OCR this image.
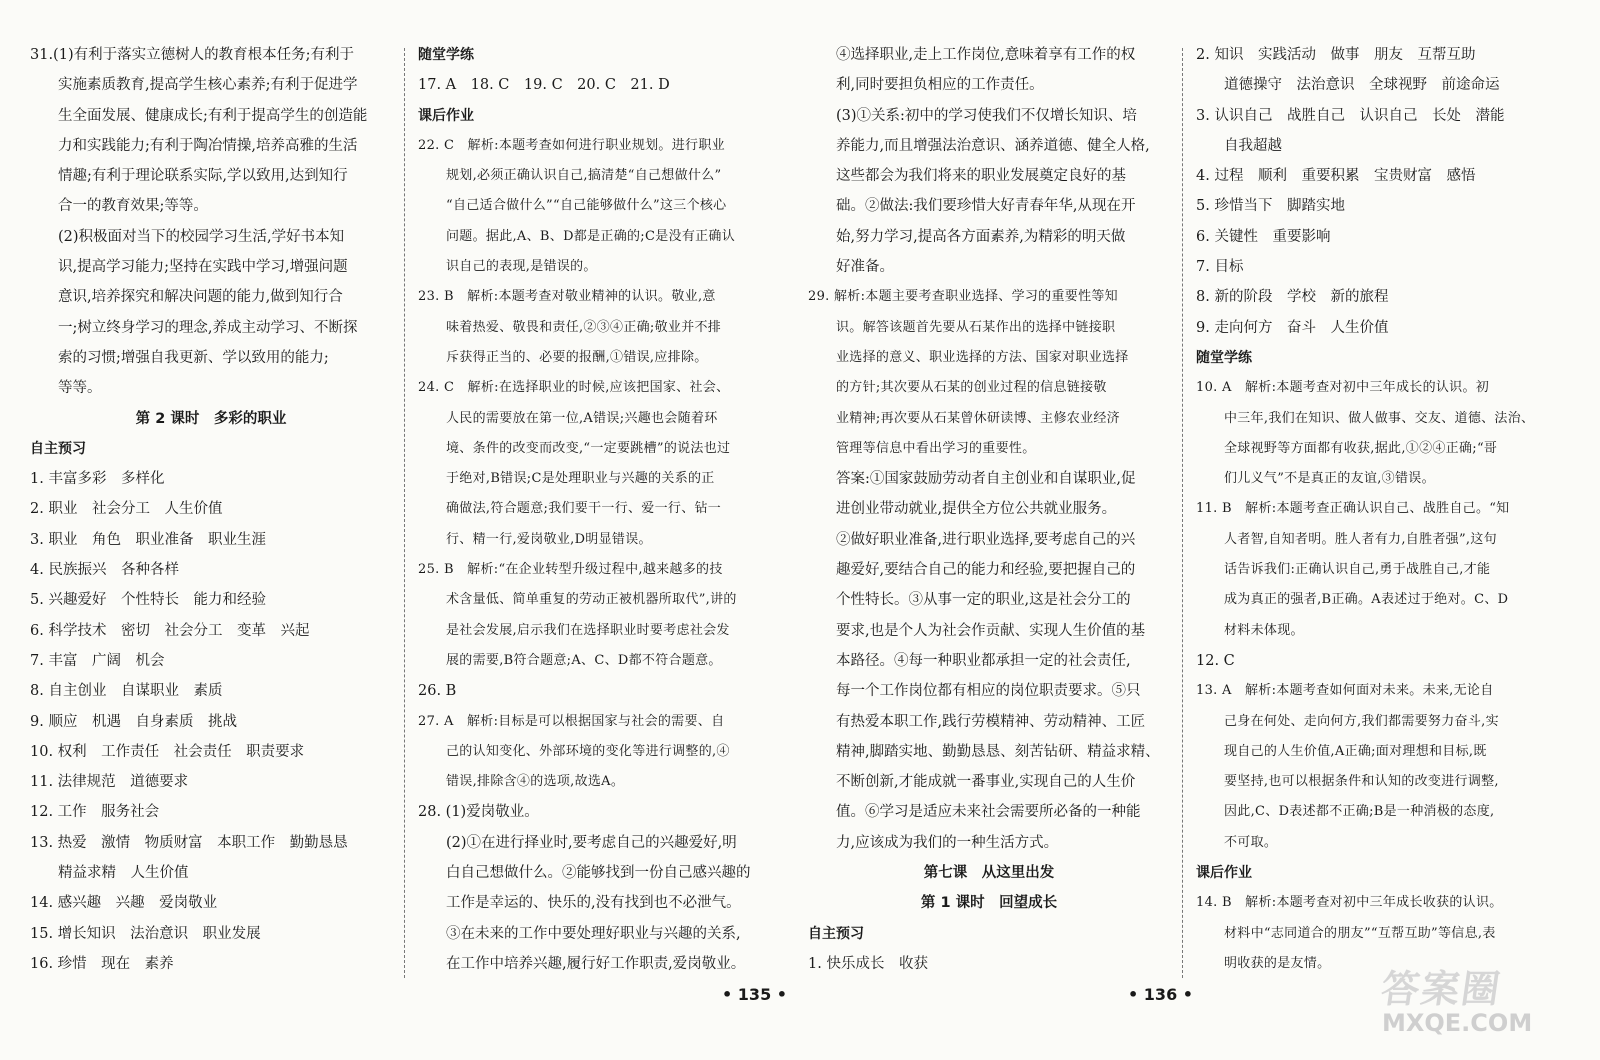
31.(1)有利于落实立德树人的教育根本任务;有利于
实施素质教育,提高学生核心素养;有利于促进学
生全面发展、健康成长;有利于提高学生的创造能
力和实践能力;有利于陶冶情操,培养高雅的生活
情趣;有利于理论联系实际,学以致用,达到知行
合一的教育效果;等等。
(2)积极面对当下的校园学习生活,学好书本知
识,提高学习能力;坚持在实践中学习,增强问题
意识,培养探究和解决问题的能力,做到知行合
一;树立终身学习的理念,养成主动学习、不断探
索的习惯;增强自我更新、学以致用的能力;
等等。
第 2 课时　多彩的职业
自主预习
1. 丰富多彩　多样化
2. 职业　社会分工　人生价值
3. 职业　角色　职业准备　职业生涯
4. 民族振兴　各种各样
5. 兴趣爱好　个性特长　能力和经验
6. 科学技术　密切　社会分工　变革　兴起
7. 丰富　广阔　机会
8. 自主创业　自谋职业　素质
9. 顺应　机遇　自身素质　挑战
10. 权利　工作责任　社会责任　职责要求
11. 法律规范　道德要求
12. 工作　服务社会
13. 热爱　激情　物质财富　本职工作　勤勤恳恳
精益求精　人生价值
14. 感兴趣　兴趣　爱岗敬业
15. 增长知识　法治意识　职业发展
16. 珍惜　现在　素养
随堂学练
17. A　18. C　19. C　20. C　21. D
课后作业
22. C　解析:本题考查如何进行职业规划。进行职业
规划,必须正确认识自己,搞清楚“自己想做什么”
“自己适合做什么”“自己能够做什么”这三个核心
问题。据此,A、B、D都是正确的;C是没有正确认
识自己的表现,是错误的。
23. B　解析:本题考查对敬业精神的认识。敬业,意
味着热爱、敬畏和责任,②③④正确;敬业并不排
斥获得正当的、必要的报酬,①错误,应排除。
24. C　解析:在选择职业的时候,应该把国家、社会、
人民的需要放在第一位,A错误;兴趣也会随着环
境、条件的改变而改变,“一定要跳槽”的说法也过
于绝对,B错误;C是处理职业与兴趣的关系的正
确做法,符合题意;我们要干一行、爱一行、钻一
行、精一行,爱岗敬业,D明显错误。
25. B　解析:“在企业转型升级过程中,越来越多的技
术含量低、简单重复的劳动正被机器所取代”,讲的
是社会发展,启示我们在选择职业时要考虑社会发
展的需要,B符合题意;A、C、D都不符合题意。
26. B
27. A　解析:目标是可以根据国家与社会的需要、自
己的认知变化、外部环境的变化等进行调整的,④
错误,排除含④的选项,故选A。
28. (1)爱岗敬业。
(2)①在进行择业时,要考虑自己的兴趣爱好,明
白自己想做什么。②能够找到一份自己感兴趣的
工作是幸运的、快乐的,没有找到也不必泄气。
③在未来的工作中要处理好职业与兴趣的关系,
在工作中培养兴趣,履行好工作职责,爱岗敬业。
④选择职业,走上工作岗位,意味着享有工作的权
利,同时要担负相应的工作责任。
(3)①关系:初中的学习使我们不仅增长知识、培
养能力,而且增强法治意识、涵养道德、健全人格,
这些都会为我们将来的职业发展奠定良好的基
础。②做法:我们要珍惜大好青春年华,从现在开
始,努力学习,提高各方面素养,为精彩的明天做
好准备。
29. 解析:本题主要考查职业选择、学习的重要性等知
识。解答该题首先要从石某作出的选择中链接职
业选择的意义、职业选择的方法、国家对职业选择
的方针;其次要从石某的创业过程的信息链接敬
业精神;再次要从石某曾休研读博、主修农业经济
管理等信息中看出学习的重要性。
答案:①国家鼓励劳动者自主创业和自谋职业,促
进创业带动就业,提供全方位公共就业服务。
②做好职业准备,进行职业选择,要考虑自己的兴
趣爱好,要结合自己的能力和经验,要把握自己的
个性特长。③从事一定的职业,这是社会分工的
要求,也是个人为社会作贡献、实现人生价值的基
本路径。④每一种职业都承担一定的社会责任,
每一个工作岗位都有相应的岗位职责要求。⑤只
有热爱本职工作,践行劳模精神、劳动精神、工匠
精神,脚踏实地、勤勤恳恳、刻苦钻研、精益求精、
不断创新,才能成就一番事业,实现自己的人生价
值。⑥学习是适应未来社会需要所必备的一种能
力,应该成为我们的一种生活方式。
第七课　从这里出发
第 1 课时　回望成长
自主预习
1. 快乐成长　收获
2. 知识　实践活动　做事　朋友　互帮互助
道德操守　法治意识　全球视野　前途命运
3. 认识自己　战胜自己　认识自己　长处　潜能
自我超越
4. 过程　顺利　重要积累　宝贵财富　感悟
5. 珍惜当下　脚踏实地
6. 关键性　重要影响
7. 目标
8. 新的阶段　学校　新的旅程
9. 走向何方　奋斗　人生价值
随堂学练
10. A　解析:本题考查对初中三年成长的认识。初
中三年,我们在知识、做人做事、交友、道德、法治、
全球视野等方面都有收获,据此,①②④正确;“哥
们儿义气”不是真正的友谊,③错误。
11. B　解析:本题考查正确认识自己、战胜自己。“知
人者智,自知者明。胜人者有力,自胜者强”,这句
话告诉我们:正确认识自己,勇于战胜自己,才能
成为真正的强者,B正确。A表述过于绝对。C、D
材料未体现。
12. C
13. A　解析:本题考查如何面对未来。未来,无论自
己身在何处、走向何方,我们都需要努力奋斗,实
现自己的人生价值,A正确;面对理想和目标,既
要坚持,也可以根据条件和认知的改变进行调整,
因此,C、D表述都不正确;B是一种消极的态度,
不可取。
课后作业
14. B　解析:本题考查对初中三年成长收获的认识。
材料中“志同道合的朋友”“互帮互助”等信息,表
明收获的是友情。
• 135 •	• 136 •	答案圈
MXQE.COM
